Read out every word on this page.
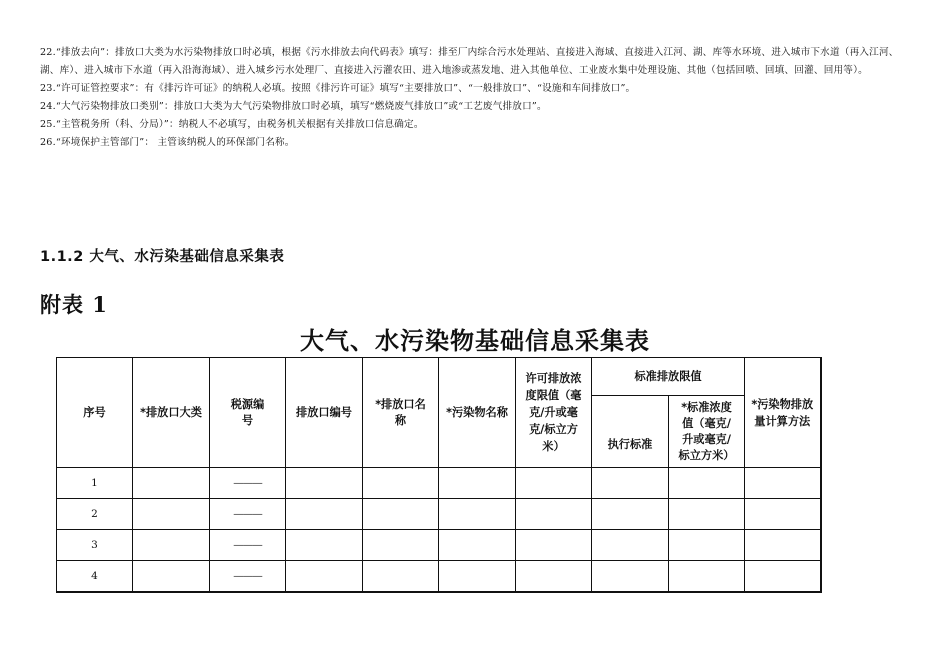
22.“排放去向”：排放口大类为水污染物排放口时必填，根据《污水排放去向代码表》填写：排至厂内综合污水处理站、直接进入海域、直接进入江河、湖、库等水环境、进入城市下水道（再入江河、湖、库）、进入城市下水道（再入沿海海域）、进入城乡污水处理厂、直接进入污灌农田、进入地渗或蒸发地、进入其他单位、工业废水集中处理设施、其他（包括回喷、回填、回灌、回用等）。

23.“许可证管控要求”：有《排污许可证》的纳税人必填。按照《排污许可证》填写“主要排放口”、“一般排放口”、“设施和车间排放口”。

24.“大气污染物排放口类别”：排放口大类为大气污染物排放口时必填，填写“燃烧废气排放口”或“工艺废气排放口”。

25.“主管税务所（科、分局）”：纳税人不必填写，由税务机关根据有关排放口信息确定。

26.“环境保护主管部门”： 主管该纳税人的环保部门名称。

1.1.2 大气、水污染基础信息采集表
附表 1
大气、水污染物基础信息采集表
序号	*排放口大类	税源编号	排放口编号	*排放口名称	*污染物名称	许可排放浓度限值（毫克/升或毫克/标立方米）	标准排放限值		*污染物排放量计算方法
							执行标准	*标准浓度值（毫克/升或毫克/标立方米）	
1		———							
2		———							
3		———							
4		———							
